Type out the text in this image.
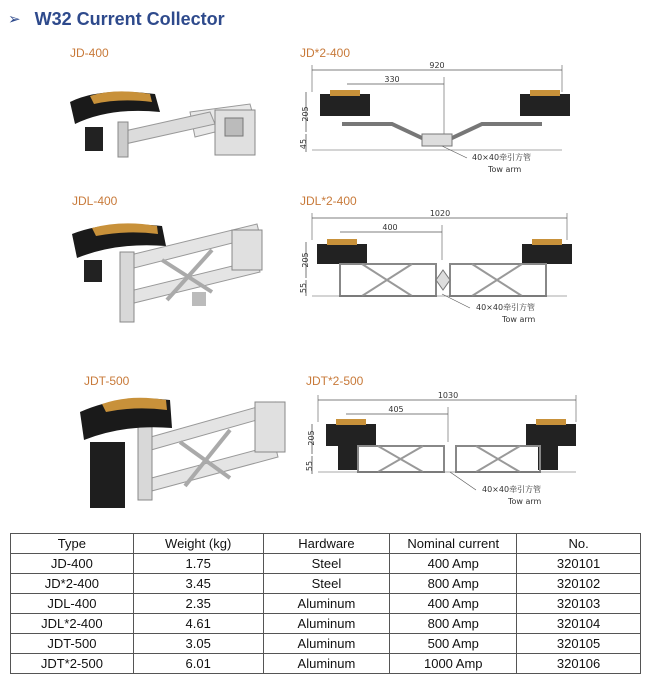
➢ W32 Current Collector
JD-400	JD*2-400
920
330
205
45
40×40牵引方管
Tow arm
JDL-400	JDL*2-400
1020
400
205
55
40×40牵引方管
Tow arm
JDT-500	JDT*2-500
1030
405
205
55
40×40牵引方管
Tow arm
Type	Weight (kg)	Hardware	Nominal current	No.
JD-400	1.75	Steel	400 Amp	320101
JD*2-400	3.45	Steel	800 Amp	320102
JDL-400	2.35	Aluminum	400 Amp	320103
JDL*2-400	4.61	Aluminum	800 Amp	320104
JDT-500	3.05	Aluminum	500 Amp	320105
JDT*2-500	6.01	Aluminum	1000 Amp	320106
